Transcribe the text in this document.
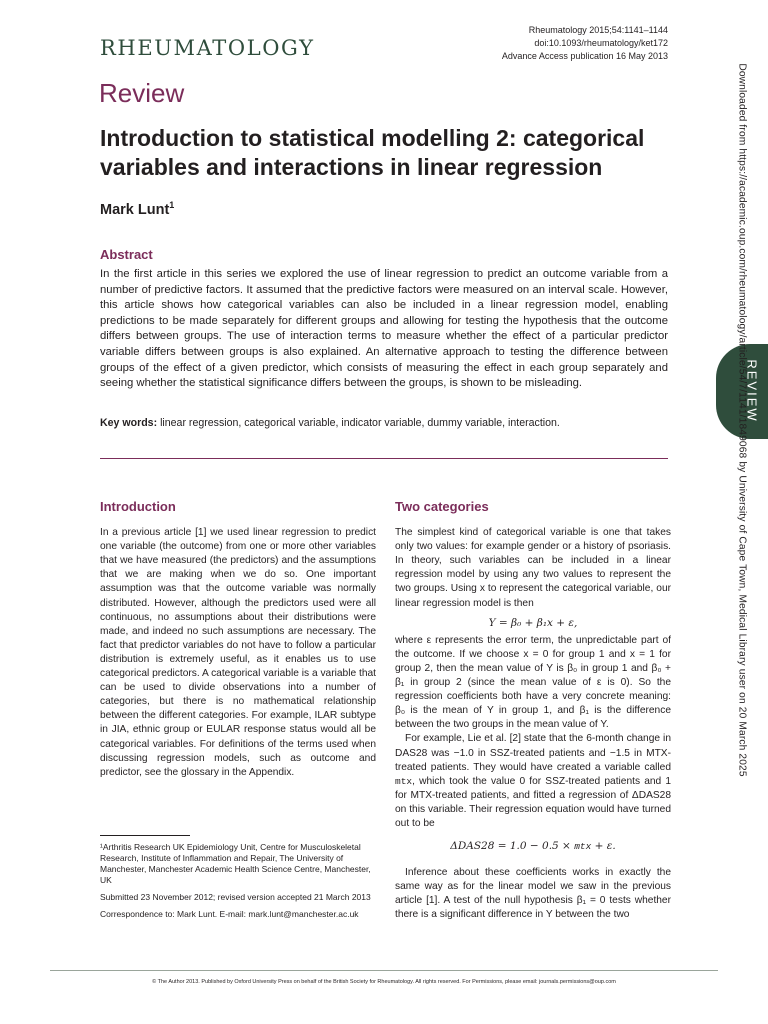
RHEUMATOLOGY
Rheumatology 2015;54:1141–1144
doi:10.1093/rheumatology/ket172
Advance Access publication 16 May 2013
Review
Introduction to statistical modelling 2: categorical variables and interactions in linear regression
Mark Lunt$^1$
Abstract
In the first article in this series we explored the use of linear regression to predict an outcome variable from a number of predictive factors. It assumed that the predictive factors were measured on an interval scale. However, this article shows how categorical variables can also be included in a linear regression model, enabling predictions to be made separately for different groups and allowing for testing the hypothesis that the outcome differs between groups. The use of interaction terms to measure whether the effect of a particular predictor variable differs between groups is also explained. An alternative approach to testing the difference between groups of the effect of a given predictor, which consists of measuring the effect in each group separately and seeing whether the statistical significance differs between the groups, is shown to be misleading.
Key words: linear regression, categorical variable, indicator variable, dummy variable, interaction.
Introduction

In a previous article [1] we used linear regression to predict one variable (the outcome) from one or more other variables that we have measured (the predictors) and the assumptions that we are making when we do so. One important assumption was that the outcome variable was normally distributed. However, although the predictors used were all continuous, no assumptions about their distributions were made, and indeed no such assumptions are necessary. The fact that predictor variables do not have to follow a particular distribution is extremely useful, as it enables us to use categorical predictors. A categorical variable is a variable that can be used to divide observations into a number of categories, but there is no mathematical relationship between the different categories. For example, ILAR subtype in JIA, ethnic group or EULAR response status would all be categorical variables. For definitions of the terms used when discussing regression models, such as outcome and predictor, see the glossary in the Appendix.

Two categories

The simplest kind of categorical variable is one that takes only two values: for example gender or a history of psoriasis. In theory, such variables can be included in a linear regression model by using any two values to represent the two groups. Using x to represent the categorical variable, our linear regression model is then

Y = β₀ + β₁x + ε,

where ε represents the error term, the unpredictable part of the outcome. If we choose x = 0 for group 1 and x = 1 for group 2, then the mean value of Y is β₀ in group 1 and β₀ + β₁ in group 2 (since the mean value of ε is 0). So the regression coefficients both have a very concrete meaning: β₀ is the mean of Y in group 1, and β₁ is the difference between the two groups in the mean value of Y.

For example, Lie et al. [2] state that the 6-month change in DAS28 was −1.0 in SSZ-treated patients and −1.5 in MTX-treated patients. They would have created a variable called mtx, which took the value 0 for SSZ-treated patients and 1 for MTX-treated patients, and fitted a regression of ΔDAS28 on this variable. Their regression equation would have turned out to be

ΔDAS28 = 1.0 − 0.5 × mtx + ε.

Inference about these coefficients works in exactly the same way as for the linear model we saw in the previous article [1]. A test of the null hypothesis β₁ = 0 tests whether there is a significant difference in Y between the two

¹Arthritis Research UK Epidemiology Unit, Centre for Musculoskeletal Research, Institute of Inflammation and Repair, The University of Manchester, Manchester Academic Health Science Centre, Manchester, UK

Submitted 23 November 2012; revised version accepted 21 March 2013

Correspondence to: Mark Lunt. E-mail: mark.lunt@manchester.ac.uk

© The Author 2013. Published by Oxford University Press on behalf of the British Society for Rheumatology. All rights reserved. For Permissions, please email: journals.permissions@oup.com
REVIEW
Downloaded from https://academic.oup.com/rheumatology/article/54/7/1141/1849068 by University of Cape Town, Medical Library user on 20 March 2025
